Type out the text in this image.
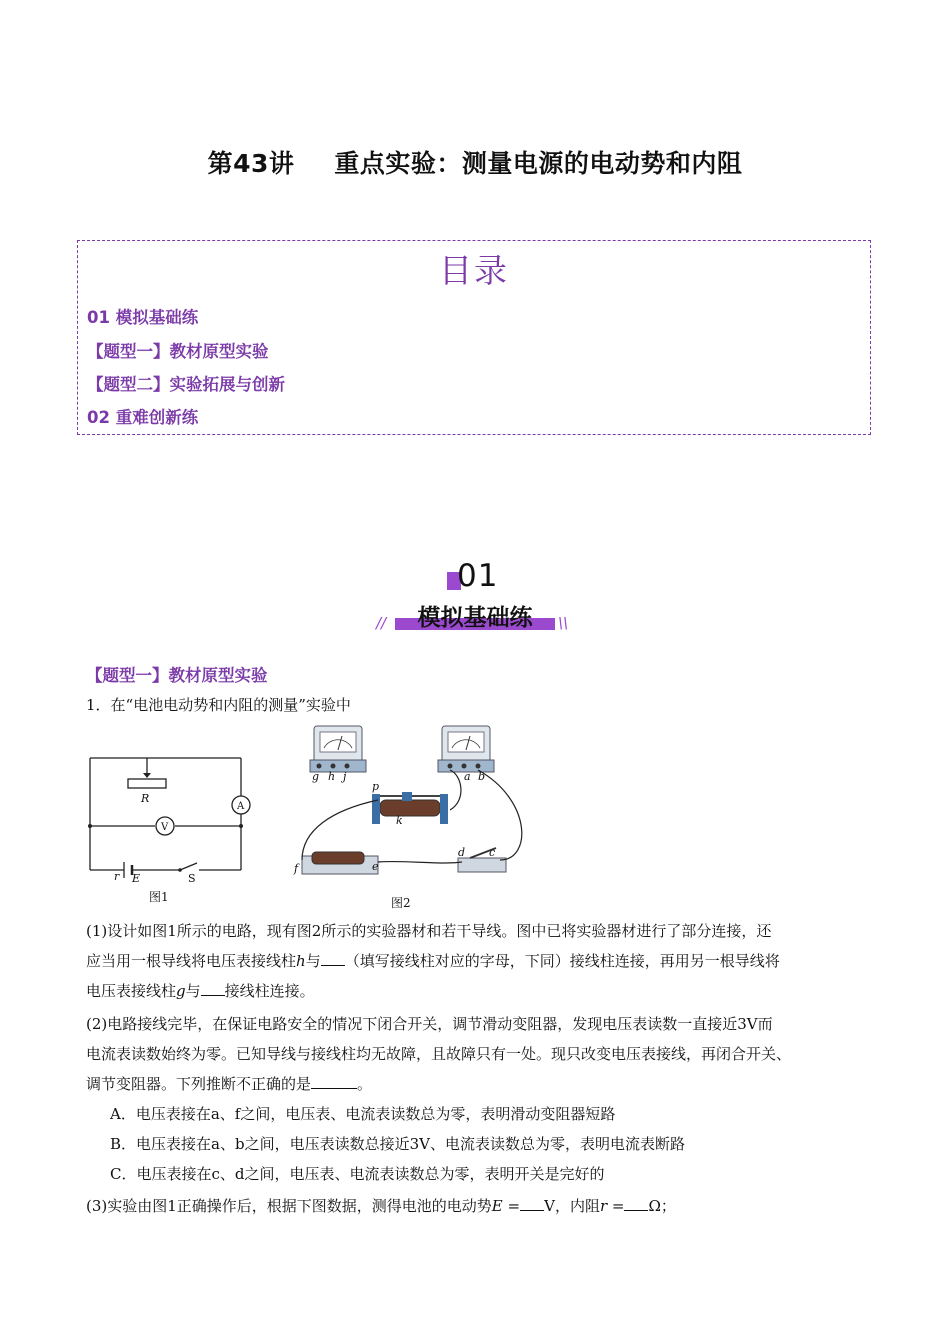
第43讲 重点实验：测量电源的电动势和内阻
目录
01 模拟基础练
【题型一】教材原型实验
【题型二】实验拓展与创新
02 重难创新练
01
模拟基础练
//	\\
【题型一】教材原型实验
1．在“电池电动势和内阻的测量”实验中
R
A
V
r E	S
图1
g h j	a b
p
k
f	e
d c
图2
(1)设计如图1所示的电路，现有图2所示的实验器材和若干导线。图中已将实验器材进行了部分连接，还
应当用一根导线将电压表接线柱h与 （填写接线柱对应的字母，下同）接线柱连接，再用另一根导线将
电压表接线柱g与 接线柱连接。
(2)电路接线完毕，在保证电路安全的情况下闭合开关，调节滑动变阻器，发现电压表读数一直接近3V而
电流表读数始终为零。已知导线与接线柱均无故障，且故障只有一处。现只改变电压表接线，再闭合开关、
调节变阻器。下列推断不正确的是	。
A．电压表接在a、f之间，电压表、电流表读数总为零，表明滑动变阻器短路
B．电压表接在a、b之间，电压表读数总接近3V、电流表读数总为零，表明电流表断路
C．电压表接在c、d之间，电压表、电流表读数总为零，表明开关是完好的
(3)实验由图1正确操作后，根据下图数据，测得电池的电动势E = V，内阻r = Ω；
